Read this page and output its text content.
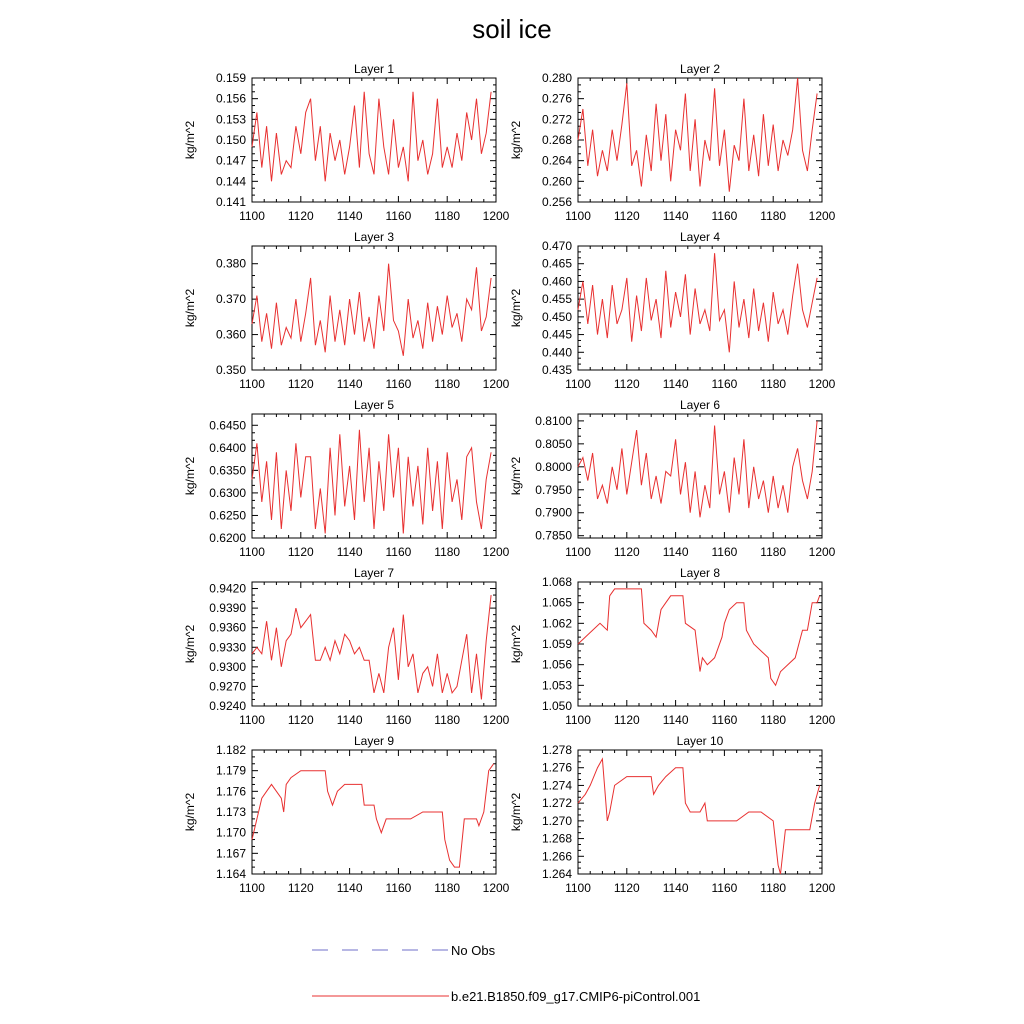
soil ice
Layer 1
0.141
0.144
0.147
0.150
0.153
0.156
0.159
1100 1120 1140 1160 1180 1200
kg/m^2
Layer 2
0.256
0.260
0.264
0.268
0.272
0.276
0.280
1100 1120 1140 1160 1180 1200
kg/m^2
Layer 3
0.350
0.360
0.370
0.380
1100 1120 1140 1160 1180 1200
kg/m^2
Layer 4
0.435
0.440
0.445
0.450
0.455
0.460
0.465
0.470
1100 1120 1140 1160 1180 1200
kg/m^2
Layer 5
0.6200
0.6250
0.6300
0.6350
0.6400
0.6450
1100 1120 1140 1160 1180 1200
kg/m^2
Layer 6
0.7850
0.7900
0.7950
0.8000
0.8050
0.8100
1100 1120 1140 1160 1180 1200
kg/m^2
Layer 7
0.9240
0.9270
0.9300
0.9330
0.9360
0.9390
0.9420
1100 1120 1140 1160 1180 1200
kg/m^2
Layer 8
1.050
1.053
1.056
1.059
1.062
1.065
1.068
1100 1120 1140 1160 1180 1200
kg/m^2
Layer 9
1.164
1.167
1.170
1.173
1.176
1.179
1.182
1100 1120 1140 1160 1180 1200
kg/m^2
Layer 10
1.264
1.266
1.268
1.270
1.272
1.274
1.276
1.278
1100 1120 1140 1160 1180 1200
kg/m^2
No Obs
b.e21.B1850.f09_g17.CMIP6-piControl.001
